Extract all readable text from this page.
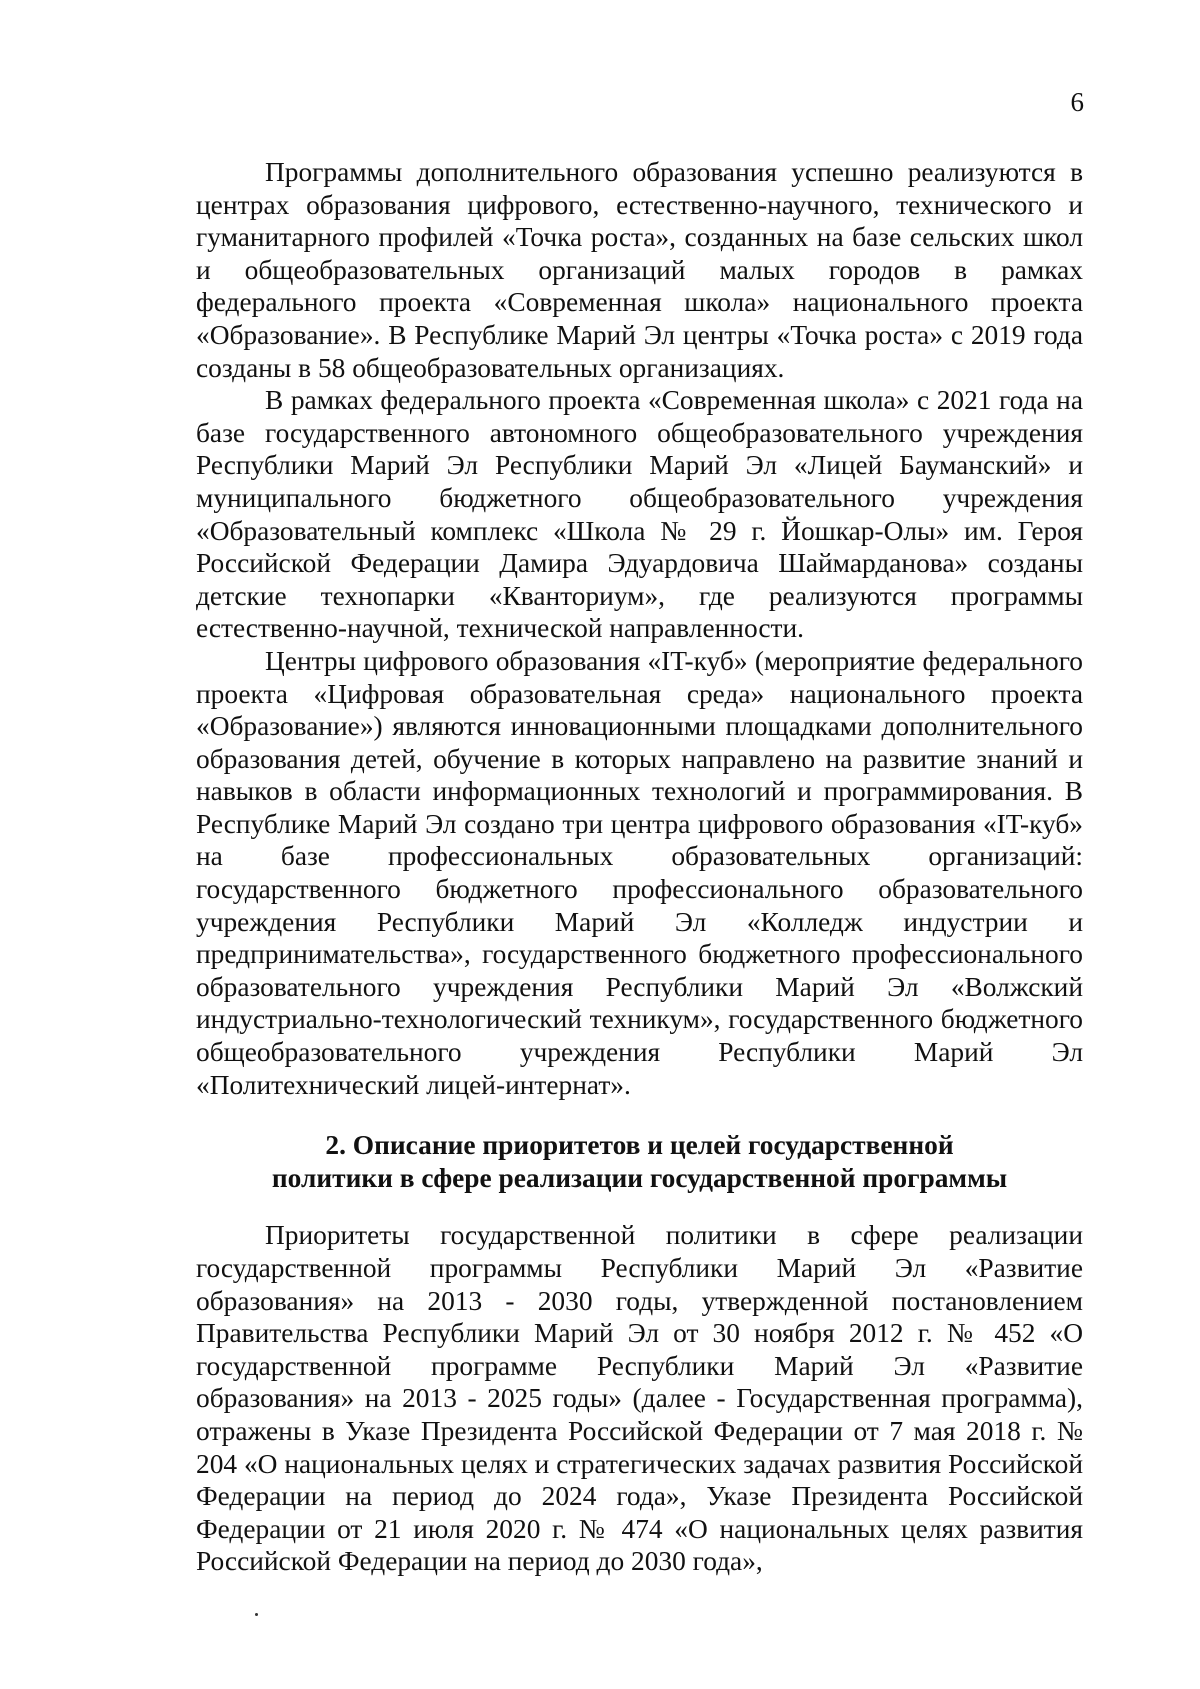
6

Программы дополнительного образования успешно реализуются в центрах образования цифрового, естественно-научного, технического и гуманитарного профилей «Точка роста», созданных на базе сельских школ и общеобразовательных организаций малых городов в рамках федерального проекта «Современная школа» национального проекта «Образование». В Республике Марий Эл центры «Точка роста» с 2019 года созданы в 58 общеобразовательных организациях.

В рамках федерального проекта «Современная школа» с 2021 года на базе государственного автономного общеобразовательного учреждения Республики Марий Эл Республики Марий Эл «Лицей Бауманский» и муниципального бюджетного общеобразовательного учреждения «Образовательный комплекс «Школа № 29 г. Йошкар-Олы» им. Героя Российской Федерации Дамира Эдуардовича Шаймарданова» созданы детские технопарки «Кванториум», где реализуются программы естественно-научной, технической направленности.

Центры цифрового образования «IT-куб» (мероприятие федерального проекта «Цифровая образовательная среда» национального проекта «Образование») являются инновационными площадками дополнительного образования детей, обучение в которых направлено на развитие знаний и навыков в области информационных технологий и программирования. В Республике Марий Эл создано три центра цифрового образования «IT-куб» на базе профессиональных образовательных организаций: государственного бюджетного профессионального образовательного учреждения Республики Марий Эл «Колледж индустрии и предпринимательства», государственного бюджетного профессионального образовательного учреждения Республики Марий Эл «Волжский индустриально-технологический техникум», государственного бюджетного общеобразовательного учреждения Республики Марий Эл «Политехнический лицей-интернат».

2. Описание приоритетов и целей государственной
политики в сфере реализации государственной программы

Приоритеты государственной политики в сфере реализации государственной программы Республики Марий Эл «Развитие образования» на 2013 - 2030 годы, утвержденной постановлением Правительства Республики Марий Эл от 30 ноября 2012 г. № 452 «О государственной программе Республики Марий Эл «Развитие образования» на 2013 - 2025 годы» (далее - Государственная программа), отражены в Указе Президента Российской Федерации от 7 мая 2018 г. № 204 «О национальных целях и стратегических задачах развития Российской Федерации на период до 2024 года», Указе Президента Российской Федерации от 21 июля 2020 г. № 474 «О национальных целях развития Российской Федерации на период до 2030 года»,
